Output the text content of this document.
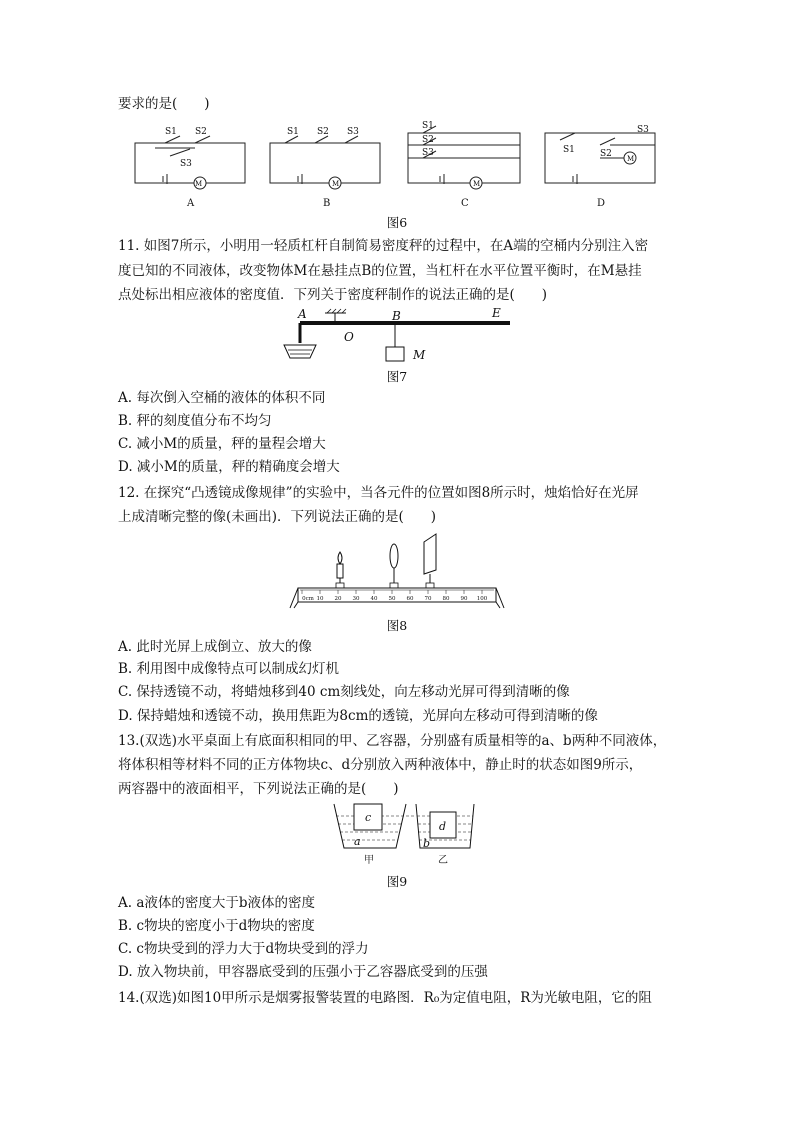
要求的是(　　)
S1 S2
S3
M
S1 S2 S3
M
S1
S2
S3
M
S1	S2
S3
M
A	B	C	D
图6
11. 如图7所示，小明用一轻质杠杆自制简易密度秤的过程中，在A端的空桶内分别注入密
度已知的不同液体，改变物体M在悬挂点B的位置，当杠杆在水平位置平衡时，在M悬挂
点处标出相应液体的密度值．下列关于密度秤制作的说法正确的是(　　)
A
O
B	E
M
图7
A. 每次倒入空桶的液体的体积不同
B. 秤的刻度值分布不均匀
C. 减小M的质量，秤的量程会增大
D. 减小M的质量，秤的精确度会增大
12. 在探究“凸透镜成像规律”的实验中，当各元件的位置如图8所示时，烛焰恰好在光屏
上成清晰完整的像(未画出)．下列说法正确的是(　　)
0cm 10 20 30 40 50 60 70 80 90 100
图8
A. 此时光屏上成倒立、放大的像
B. 利用图中成像特点可以制成幻灯机
C. 保持透镜不动，将蜡烛移到40 cm刻线处，向左移动光屏可得到清晰的像
D. 保持蜡烛和透镜不动，换用焦距为8cm的透镜，光屏向左移动可得到清晰的像
13.(双选)水平桌面上有底面积相同的甲、乙容器，分别盛有质量相等的a、b两种不同液体，
将体积相等材料不同的正方体物块c、d分别放入两种液体中，静止时的状态如图9所示，
两容器中的液面相平，下列说法正确的是(　　)
c
d
a	b
甲	乙
图9
A. a液体的密度大于b液体的密度
B. c物块的密度小于d物块的密度
C. c物块受到的浮力大于d物块受到的浮力
D. 放入物块前，甲容器底受到的压强小于乙容器底受到的压强
14.(双选)如图10甲所示是烟雾报警装置的电路图．R₀为定值电阻，R为光敏电阻，它的阻
